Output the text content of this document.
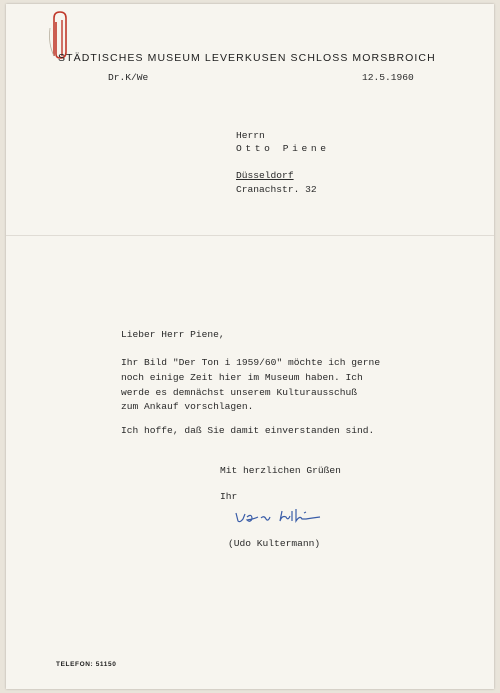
STÄDTISCHES MUSEUM LEVERKUSEN SCHLOSS MORSBROICH
Dr.K/We	12.5.1960
Herrn
Otto Piene
Düsseldorf
Cranachstr. 32
Lieber Herr Piene,
Ihr Bild "Der Ton i 1959/60" möchte ich gerne
noch einige Zeit hier im Museum haben. Ich
werde es demnächst unserem Kulturausschuß
zum Ankauf vorschlagen.
Ich hoffe, daß Sie damit einverstanden sind.
Mit herzlichen Grüßen
Ihr
(Udo Kultermann)
TELEFON: 51150
